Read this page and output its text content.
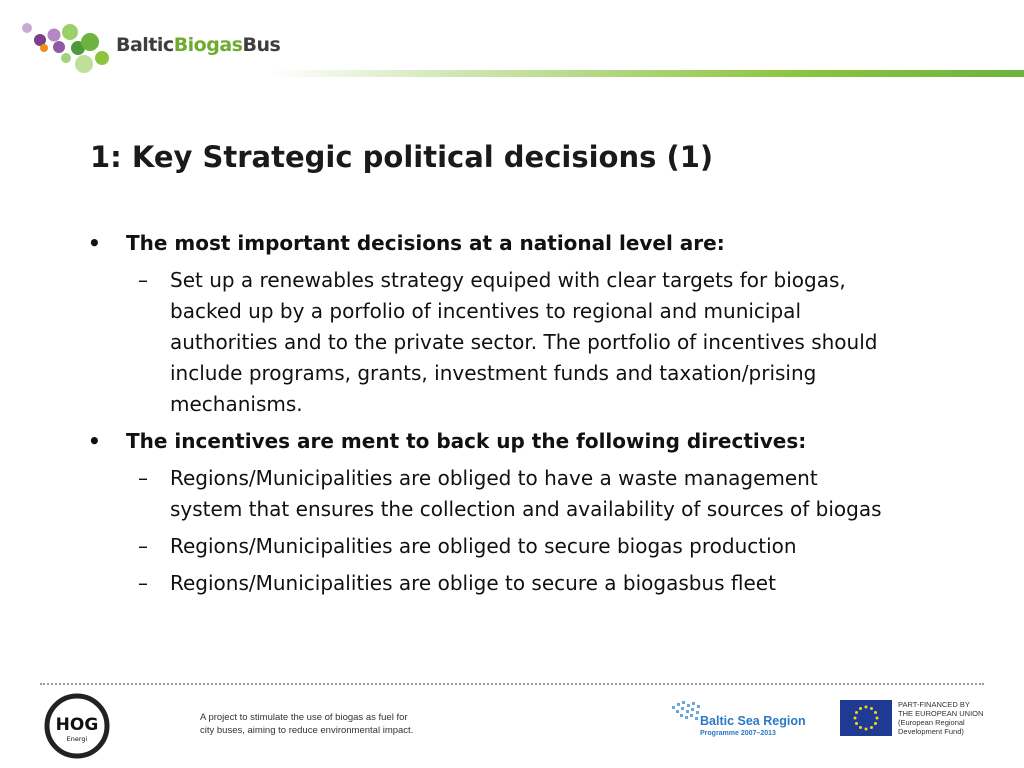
BalticBiogasBus
1: Key Strategic political decisions (1)
• The most important decisions at a national level are:
– Set up a renewables strategy equiped with clear targets for biogas, backed up by a porfolio of incentives to regional and municipal authorities and to the private sector. The portfolio of incentives should include programs, grants, investment funds and taxation/prising mechanisms.
• The incentives are ment to back up the following directives:
– Regions/Municipalities are obliged to have a waste management system that ensures the collection and availability of sources of biogas
– Regions/Municipalities are obliged to secure biogas production
– Regions/Municipalities are oblige to secure a biogasbus fleet
HOG
Energi
A project to stimulate the use of biogas as fuel for
city buses, aiming to reduce environmental impact.
Baltic Sea Region
Programme 2007–2013
PART-FINANCED BY
THE EUROPEAN UNION
(European Regional
Development Fund)
